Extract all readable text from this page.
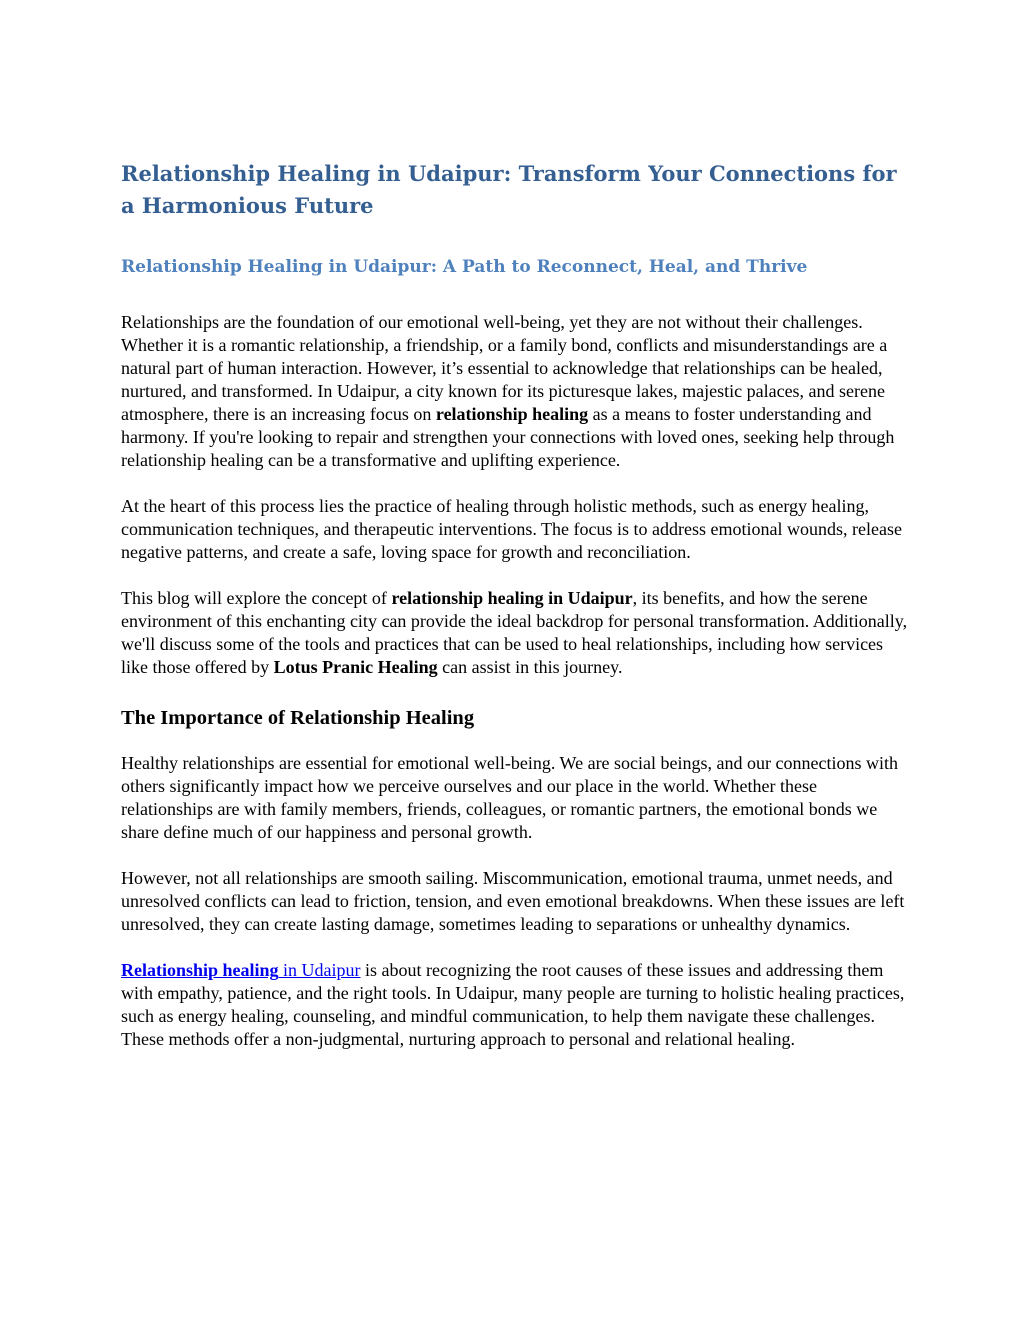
Relationship Healing in Udaipur: Transform Your Connections for a Harmonious Future
Relationship Healing in Udaipur: A Path to Reconnect, Heal, and Thrive

Relationships are the foundation of our emotional well-being, yet they are not without their challenges. Whether it is a romantic relationship, a friendship, or a family bond, conflicts and misunderstandings are a natural part of human interaction. However, it’s essential to acknowledge that relationships can be healed, nurtured, and transformed. In Udaipur, a city known for its picturesque lakes, majestic palaces, and serene atmosphere, there is an increasing focus on relationship healing as a means to foster understanding and harmony. If you're looking to repair and strengthen your connections with loved ones, seeking help through relationship healing can be a transformative and uplifting experience.

At the heart of this process lies the practice of healing through holistic methods, such as energy healing, communication techniques, and therapeutic interventions. The focus is to address emotional wounds, release negative patterns, and create a safe, loving space for growth and reconciliation.

This blog will explore the concept of relationship healing in Udaipur, its benefits, and how the serene environment of this enchanting city can provide the ideal backdrop for personal transformation. Additionally, we'll discuss some of the tools and practices that can be used to heal relationships, including how services like those offered by Lotus Pranic Healing can assist in this journey.

The Importance of Relationship Healing

Healthy relationships are essential for emotional well-being. We are social beings, and our connections with others significantly impact how we perceive ourselves and our place in the world. Whether these relationships are with family members, friends, colleagues, or romantic partners, the emotional bonds we share define much of our happiness and personal growth.

However, not all relationships are smooth sailing. Miscommunication, emotional trauma, unmet needs, and unresolved conflicts can lead to friction, tension, and even emotional breakdowns. When these issues are left unresolved, they can create lasting damage, sometimes leading to separations or unhealthy dynamics.

Relationship healing in Udaipur is about recognizing the root causes of these issues and addressing them with empathy, patience, and the right tools. In Udaipur, many people are turning to holistic healing practices, such as energy healing, counseling, and mindful communication, to help them navigate these challenges. These methods offer a non-judgmental, nurturing approach to personal and relational healing.
